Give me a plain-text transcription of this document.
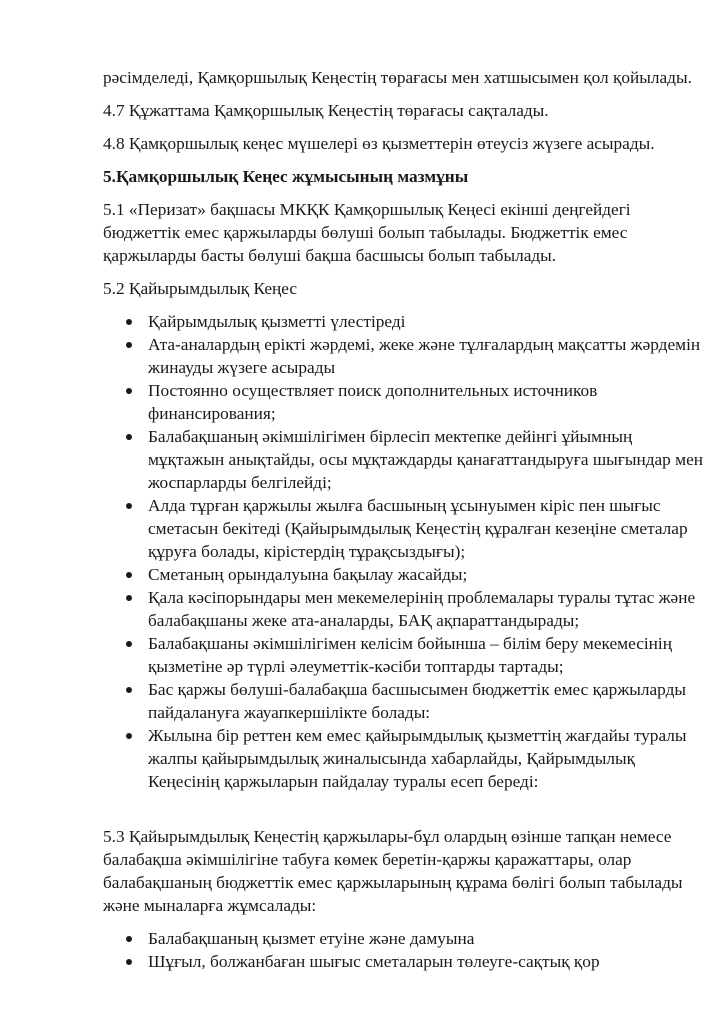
рәсімделеді, Қамқоршылық Кеңестің төрағасы мен хатшысымен қол қойылады.

4.7 Құжаттама Қамқоршылық Кеңестің төрағасы сақталады.

4.8 Қамқоршылық кеңес мүшелері өз қызметтерін өтеусіз жүзеге асырады.

5.Қамқоршылық Кеңес жұмысының мазмұны

5.1 «Перизат» бақшасы МКҚК Қамқоршылық Кеңесі екінші деңгейдегі бюджеттік емес қаржыларды бөлуші болып табылады. Бюджеттік емес қаржыларды басты бөлуші бақша басшысы болып табылады.

5.2 Қайырымдылық Кеңес

Қайрымдылық қызметті үлестіреді
Ата-аналардың ерікті жәрдемі, жеке және тұлғалардың мақсатты жәрдемін жинауды жүзеге асырады
Постоянно осуществляет поиск дополнительных источников финансирования;
Балабақшаның әкімшілігімен бірлесіп мектепке дейінгі ұйымның мұқтажын анықтайды, осы мұқтаждарды қанағаттандыруға шығындар мен жоспарларды белгілейді;
Алда тұрған қаржылы жылға басшының ұсынуымен кіріс пен шығыс сметасын бекітеді (Қайырымдылық Кеңестің құралған кезеңіне сметалар құруға болады, кірістердің тұрақсыздығы);
Сметаның орындалуына бақылау жасайды;
Қала кәсіпорындары мен мекемелерінің проблемалары туралы тұтас және балабақшаны жеке ата-аналарды, БАҚ ақпараттандырады;
Балабақшаны әкімшілігімен келісім бойынша – білім беру мекемесінің қызметіне әр түрлі әлеуметтік-кәсіби топтарды тартады;
Бас қаржы бөлуші-балабақша басшысымен бюджеттік емес қаржыларды пайдалануға жауапкершілікте болады:
Жылына бір реттен кем емес қайырымдылық қызметтің жағдайы туралы жалпы қайырымдылық жиналысында хабарлайды, Қайрымдылық Кеңесінің қаржыларын пайдалау туралы есеп береді:

5.3 Қайырымдылық Кеңестің қаржылары-бұл олардың өзінше тапқан немесе балабақша әкімшілігіне табуға көмек беретін-қаржы қаражаттары, олар балабақшаның бюджеттік емес қаржыларының құрама бөлігі болып табылады және мыналарға жұмсалады:

Балабақшаның қызмет етуіне және дамуына
Шұғыл, болжанбаған шығыс сметаларын төлеуге-сақтық қор
